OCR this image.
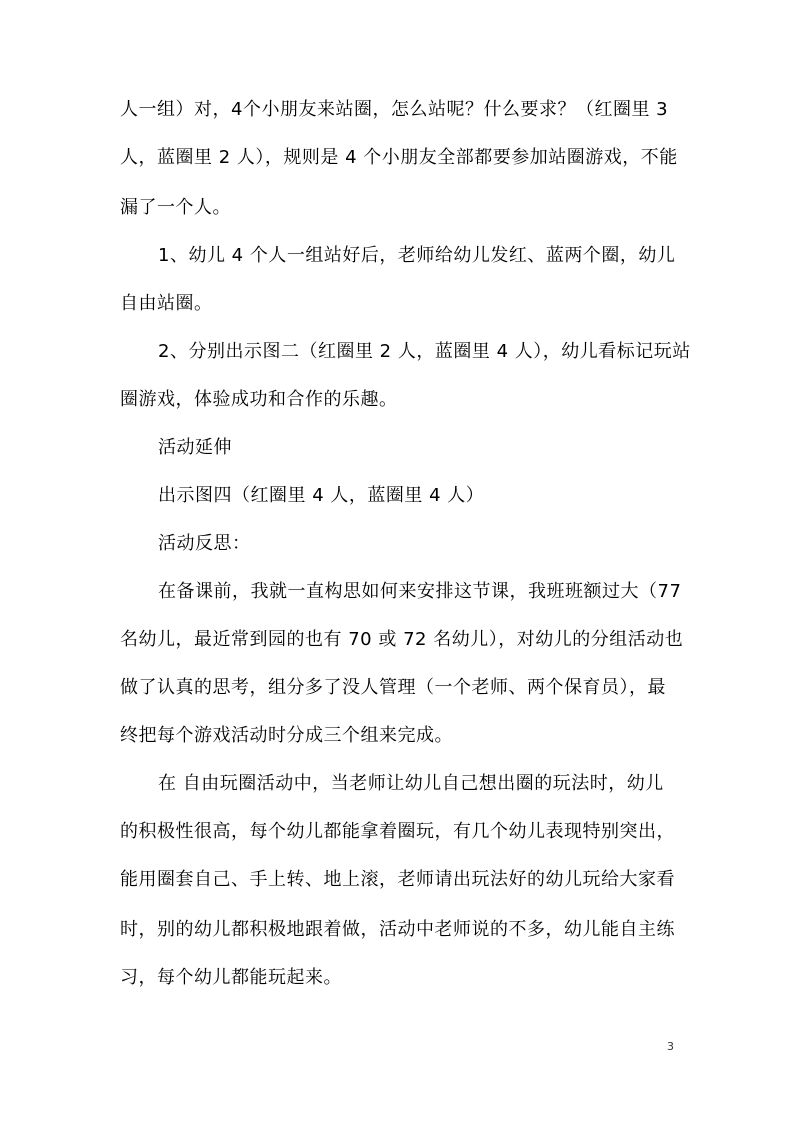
人一组）对，4个小朋友来站圈，怎么站呢？什么要求？（红圈里 3
人，蓝圈里 2 人），规则是 4 个小朋友全部都要参加站圈游戏，不能
漏了一个人。
1、幼儿 4 个人一组站好后，老师给幼儿发红、蓝两个圈，幼儿
自由站圈。
2、分别出示图二（红圈里 2 人，蓝圈里 4 人），幼儿看标记玩站
圈游戏，体验成功和合作的乐趣。
活动延伸
出示图四（红圈里 4 人，蓝圈里 4 人）
活动反思：
在备课前，我就一直构思如何来安排这节课，我班班额过大（77
名幼儿，最近常到园的也有 70 或 72 名幼儿），对幼儿的分组活动也
做了认真的思考，组分多了没人管理（一个老师、两个保育员），最
终把每个游戏活动时分成三个组来完成。
在 自由玩圈活动中，当老师让幼儿自己想出圈的玩法时，幼儿
的积极性很高，每个幼儿都能拿着圈玩，有几个幼儿表现特别突出，
能用圈套自己、手上转、地上滚，老师请出玩法好的幼儿玩给大家看
时，别的幼儿都积极地跟着做，活动中老师说的不多，幼儿能自主练
习，每个幼儿都能玩起来。
3
